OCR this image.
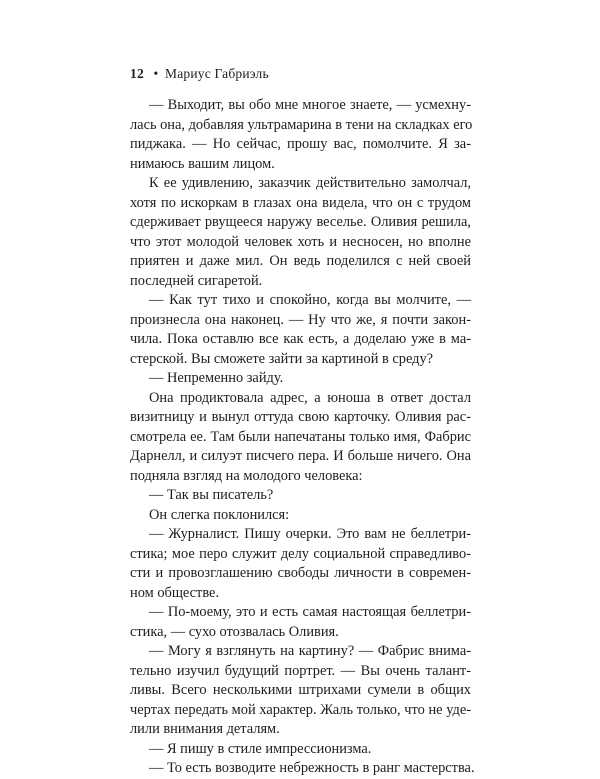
12 • Мариус Габриэль
— Выходит, вы обо мне многое знаете, — усмехну-
лась она, добавляя ультрамарина в тени на складках его
пиджака. — Но сейчас, прошу вас, помолчите. Я за-
нимаюсь вашим лицом.
К ее удивлению, заказчик действительно замолчал,
хотя по искоркам в глазах она видела, что он с трудом
сдерживает рвущееся наружу веселье. Оливия решила,
что этот молодой человек хоть и несносен, но вполне
приятен и даже мил. Он ведь поделился с ней своей
последней сигаретой.
— Как тут тихо и спокойно, когда вы молчите, —
произнесла она наконец. — Ну что же, я почти закон-
чила. Пока оставлю все как есть, а доделаю уже в ма-
стерской. Вы сможете зайти за картиной в среду?
— Непременно зайду.
Она продиктовала адрес, а юноша в ответ достал
визитницу и вынул оттуда свою карточку. Оливия рас-
смотрела ее. Там были напечатаны только имя, Фабрис
Дарнелл, и силуэт писчего пера. И больше ничего. Она
подняла взгляд на молодого человека:
— Так вы писатель?
Он слегка поклонился:
— Журналист. Пишу очерки. Это вам не беллетри-
стика; мое перо служит делу социальной справедливо-
сти и провозглашению свободы личности в современ-
ном обществе.
— По-моему, это и есть самая настоящая беллетри-
стика, — сухо отозвалась Оливия.
— Могу я взглянуть на картину? — Фабрис внима-
тельно изучил будущий портрет. — Вы очень талант-
ливы. Всего несколькими штрихами сумели в общих
чертах передать мой характер. Жаль только, что не уде-
лили внимания деталям.
— Я пишу в стиле импрессионизма.
— То есть возводите небрежность в ранг мастерства.
